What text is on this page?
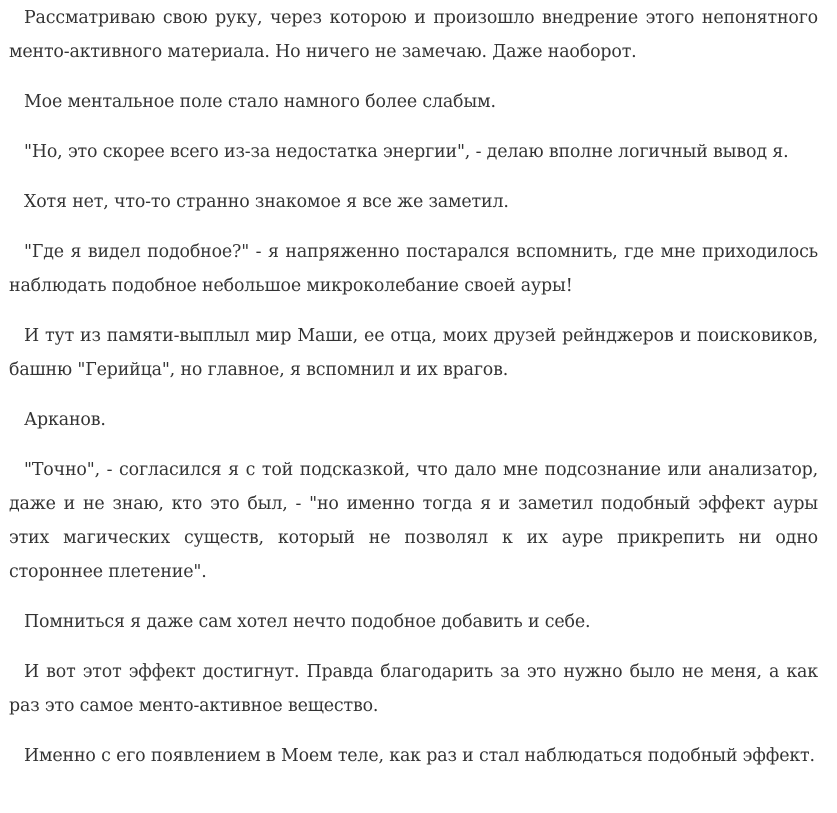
Рассматриваю свою руку, через которою и произошло внедрение этого непонятного менто-активного материала. Но ничего не замечаю. Даже наоборот.

Мое ментальное поле стало намного более слабым.

"Но, это скорее всего из-за недостатка энергии", - делаю вполне логичный вывод я.

Хотя нет, что-то странно знакомое я все же заметил.

"Где я видел подобное?" - я напряженно постарался вспомнить, где мне приходилось наблюдать подобное небольшое микроколебание своей ауры!

И тут из памяти-выплыл мир Маши, ее отца, моих друзей рейнджеров и поисковиков, башню "Герийца", но главное, я вспомнил и их врагов.

Арканов.

"Точно", - согласился я с той подсказкой, что дало мне подсознание или анализатор, даже и не знаю, кто это был, - "но именно тогда я и заметил подобный эффект ауры этих магических существ, который не позволял к их ауре прикрепить ни одно стороннее плетение".

Помниться я даже сам хотел нечто подобное добавить и себе.

И вот этот эффект достигнут. Правда благодарить за это нужно было не меня, а как раз это самое менто-активное вещество.

Именно с его появлением в Моем теле, как раз и стал наблюдаться подобный эффект.
